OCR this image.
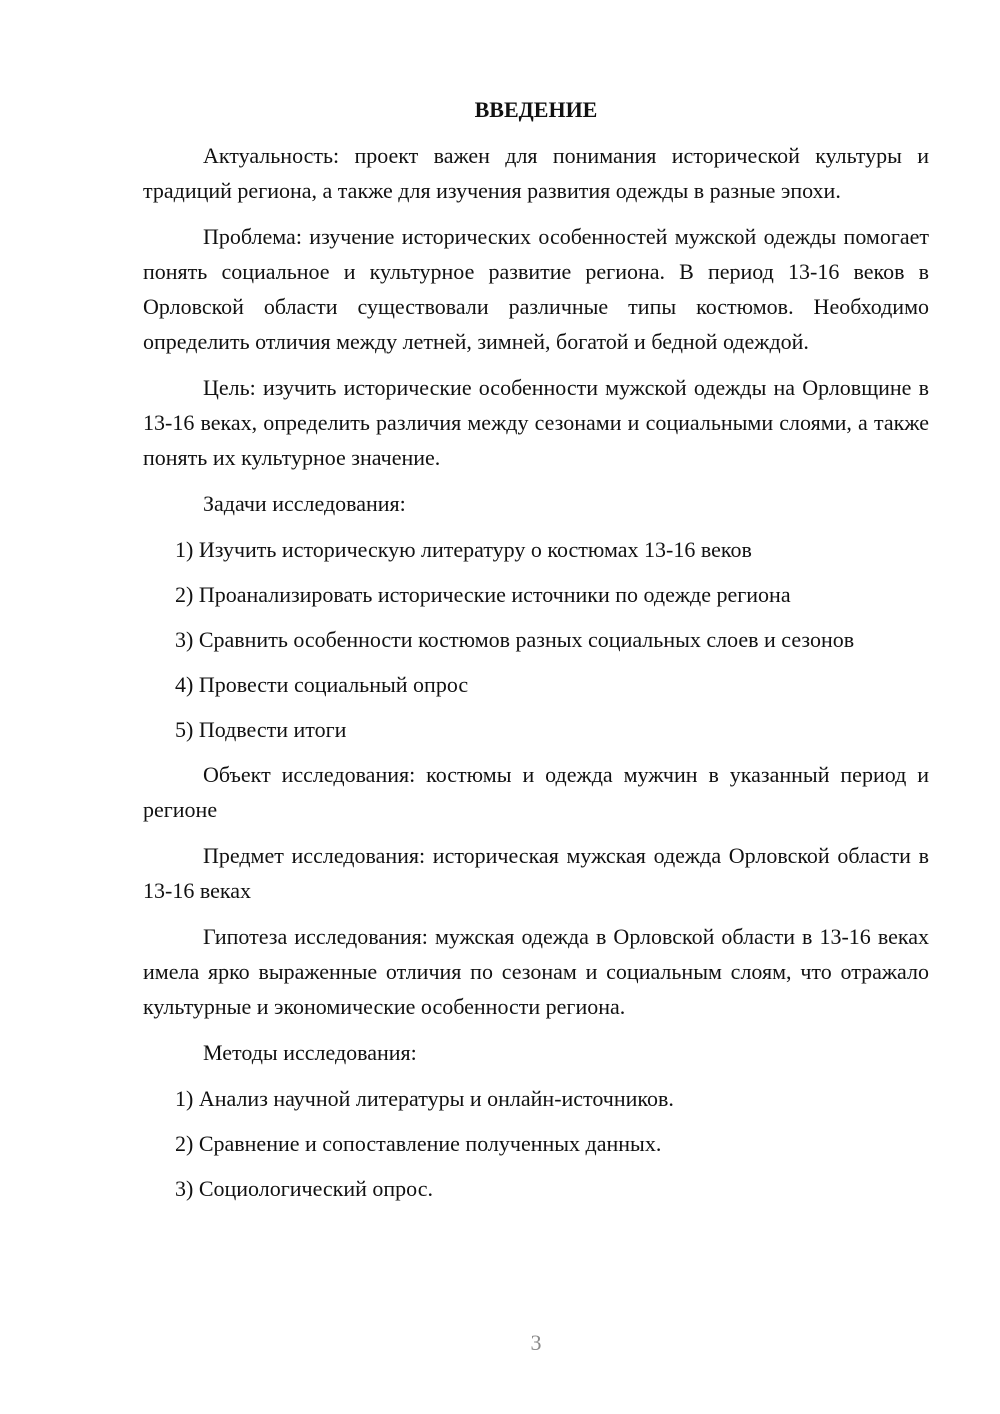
ВВЕДЕНИЕ

Актуальность: проект важен для понимания исторической культуры и традиций региона, а также для изучения развития одежды в разные эпохи.

Проблема: изучение исторических особенностей мужской одежды помогает понять социальное и культурное развитие региона. В период 13-16 веков в Орловской области существовали различные типы костюмов. Необходимо определить отличия между летней, зимней, богатой и бедной одеждой.

Цель: изучить исторические особенности мужской одежды на Орловщине в 13-16 веках, определить различия между сезонами и социальными слоями, а также понять их культурное значение.

Задачи исследования:

1) Изучить историческую литературу о костюмах 13-16 веков

2) Проанализировать исторические источники по одежде региона

3) Сравнить особенности костюмов разных социальных слоев и сезонов

4) Провести социальный опрос

5) Подвести итоги

Объект исследования: костюмы и одежда мужчин в указанный период и регионе

Предмет исследования: историческая мужская одежда Орловской области в 13-16 веках

Гипотеза исследования: мужская одежда в Орловской области в 13-16 веках имела ярко выраженные отличия по сезонам и социальным слоям, что отражало культурные и экономические особенности региона.

Методы исследования:

1) Анализ научной литературы и онлайн-источников.

2) Сравнение и сопоставление полученных данных.

3) Социологический опрос.

3
